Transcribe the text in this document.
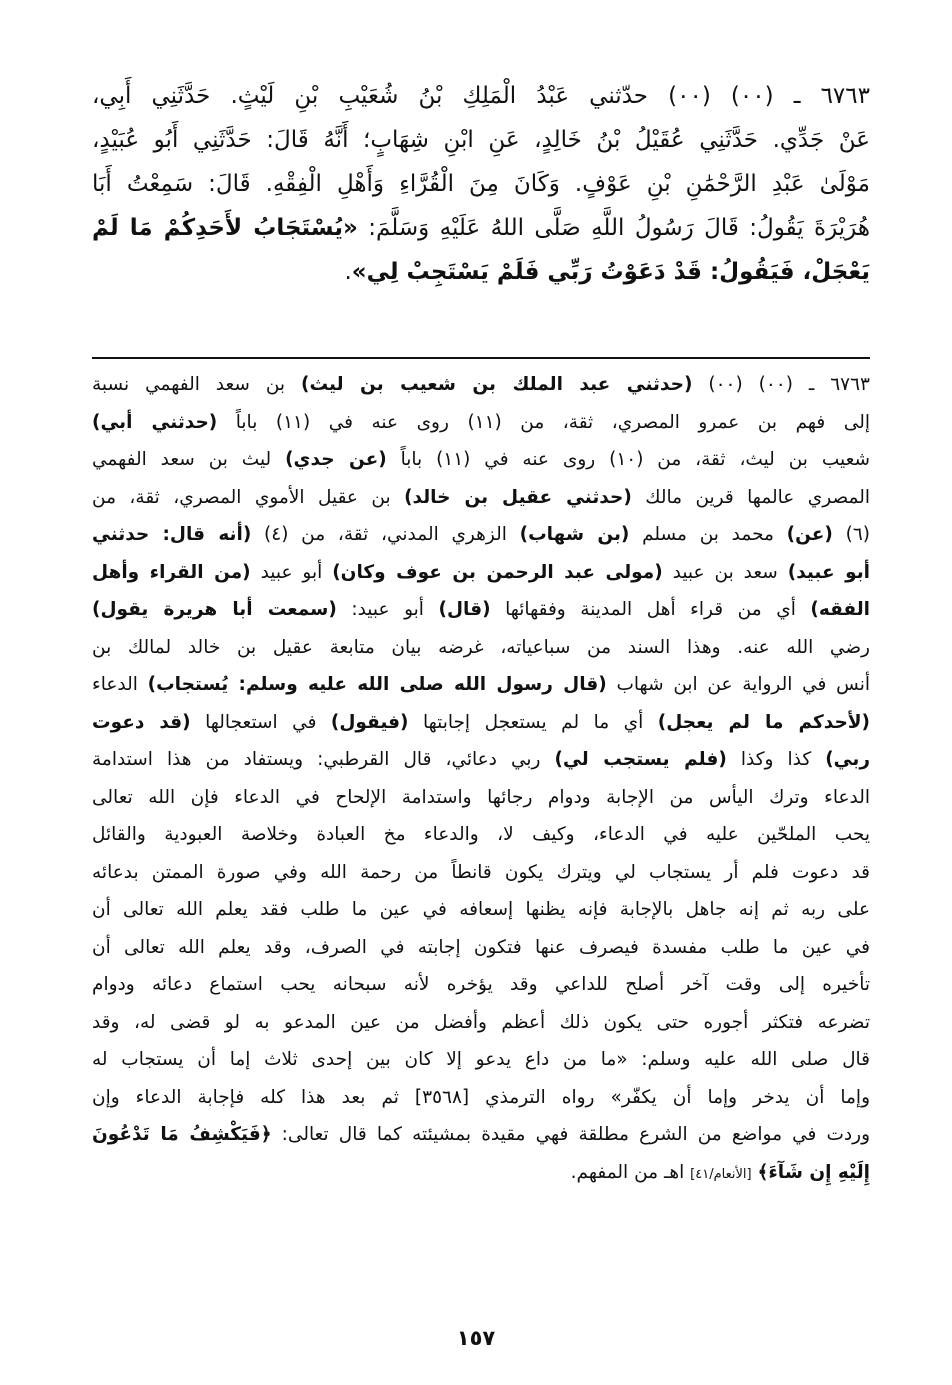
٦٧٦٣ ـ (٠٠) (٠٠) حدّثني عَبْدُ الْمَلِكِ بْنُ شُعَيْبِ بْنِ لَيْثٍ. حَدَّثَنِي أَبِي،
عَنْ جَدِّي. حَدَّثَنِي عُقَيْلُ بْنُ خَالِدٍ، عَنِ ابْنِ شِهَابٍ؛ أَنَّهُ قَالَ: حَدَّثَنِي أَبُو عُبَيْدٍ،
مَوْلَىٰ عَبْدِ الرَّحْمَٰنِ بْنِ عَوْفٍ. وَكَانَ مِنَ الْقُرَّاءِ وَأَهْلِ الْفِقْهِ. قَالَ: سَمِعْتُ أَبَا
هُرَيْرَةَ يَقُولُ: قَالَ رَسُولُ اللَّهِ صَلَّى اللهُ عَلَيْهِ وَسَلَّمَ: «يُسْتَجَابُ لأَحَدِكُمْ مَا لَمْ
يَعْجَلْ، فَيَقُولُ: قَدْ دَعَوْتُ رَبِّي فَلَمْ يَسْتَجِبْ لِي».
٦٧٦٣ ـ (٠٠) (٠٠) (حدثني عبد الملك بن شعيب بن ليث) بن سعد الفهمي نسبة
إلى فهم بن عمرو المصري، ثقة، من (١١) روى عنه في (١١) باباً (حدثني أبي)
شعيب بن ليث، ثقة، من (١٠) روى عنه في (١١) باباً (عن جدي) ليث بن سعد الفهمي
المصري عالمها قرين مالك (حدثني عقيل بن خالد) بن عقيل الأموي المصري، ثقة، من
(٦) (عن) محمد بن مسلم (بن شهاب) الزهري المدني، ثقة، من (٤) (أنه قال: حدثني
أبو عبيد) سعد بن عبيد (مولى عبد الرحمن بن عوف وكان) أبو عبيد (من القراء وأهل
الفقه) أي من قراء أهل المدينة وفقهائها (قال) أبو عبيد: (سمعت أبا هريرة يقول)
رضي الله عنه. وهذا السند من سباعياته، غرضه بيان متابعة عقيل بن خالد لمالك بن
أنس في الرواية عن ابن شهاب (قال رسول الله صلى الله عليه وسلم: يُستجاب) الدعاء
(لأحدكم ما لم يعجل) أي ما لم يستعجل إجابتها (فيقول) في استعجالها (قد دعوت
ربي) كذا وكذا (فلم يستجب لي) ربي دعائي، قال القرطبي: ويستفاد من هذا استدامة
الدعاء وترك اليأس من الإجابة ودوام رجائها واستدامة الإلحاح في الدعاء فإن الله تعالى
يحب الملحّين عليه في الدعاء، وكيف لا، والدعاء مخ العبادة وخلاصة العبودية والقائل
قد دعوت فلم أر يستجاب لي ويترك يكون قانطاً من رحمة الله وفي صورة الممتن بدعائه
على ربه ثم إنه جاهل بالإجابة فإنه يظنها إسعافه في عين ما طلب فقد يعلم الله تعالى أن
في عين ما طلب مفسدة فيصرف عنها فتكون إجابته في الصرف، وقد يعلم الله تعالى أن
تأخيره إلى وقت آخر أصلح للداعي وقد يؤخره لأنه سبحانه يحب استماع دعائه ودوام
تضرعه فتكثر أجوره حتى يكون ذلك أعظم وأفضل من عين المدعو به لو قضى له، وقد
قال صلى الله عليه وسلم: «ما من داع يدعو إلا كان بين إحدى ثلاث إما أن يستجاب له
وإما أن يدخر وإما أن يكفّر» رواه الترمذي [٣٥٦٨] ثم بعد هذا كله فإجابة الدعاء وإن
وردت في مواضع من الشرع مطلقة فهي مقيدة بمشيئته كما قال تعالى: ﴿فَيَكْشِفُ مَا تَدْعُونَ
إِلَيْهِ إِن شَآءَ﴾ [الأنعام/٤١] اهـ من المفهم.
١٥٧
